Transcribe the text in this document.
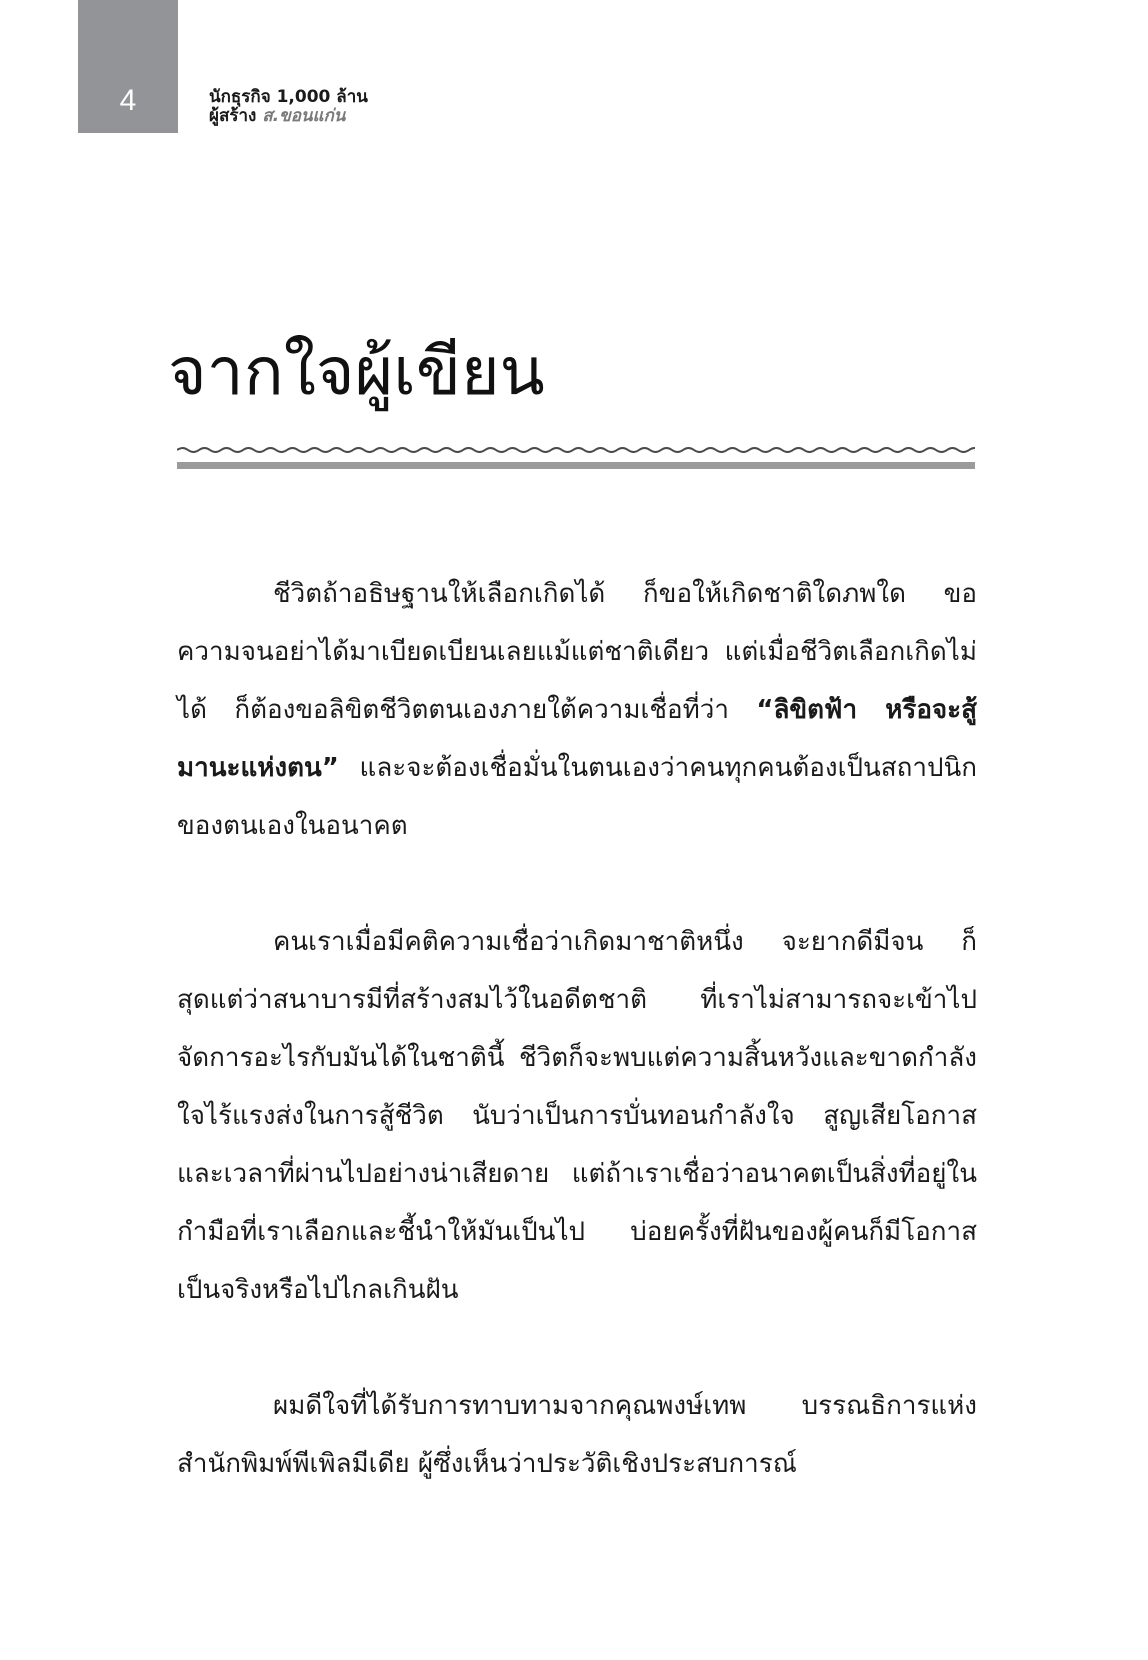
4	นักธุรกิจ 1,000 ล้าน
ผู้สร้าง ส.ขอนแก่น
จากใจผู้เขียน

ชีวิตถ้าอธิษฐานให้เลือกเกิดได้ ก็ขอให้เกิดชาติใดภพใด ขอความจนอย่าได้มาเบียดเบียนเลยแม้แต่ชาติเดียว แต่เมื่อชีวิตเลือกเกิดไม่ได้ ก็ต้องขอลิขิตชีวิตตนเองภายใต้ความเชื่อที่ว่า “ลิขิตฟ้า หรือจะสู้มานะแห่งตน” และจะต้องเชื่อมั่นในตนเองว่าคนทุกคนต้องเป็นสถาปนิกของตนเองในอนาคต

คนเราเมื่อมีคติความเชื่อว่าเกิดมาชาติหนึ่ง จะยากดีมีจน ก็สุดแต่ว่าสนาบารมีที่สร้างสมไว้ในอดีตชาติ ที่เราไม่สามารถจะเข้าไปจัดการอะไรกับมันได้ในชาตินี้ ชีวิตก็จะพบแต่ความสิ้นหวังและขาดกำลังใจไร้แรงส่งในการสู้ชีวิต นับว่าเป็นการบั่นทอนกำลังใจ สูญเสียโอกาสและเวลาที่ผ่านไปอย่างน่าเสียดาย แต่ถ้าเราเชื่อว่าอนาคตเป็นสิ่งที่อยู่ในกำมือที่เราเลือกและชี้นำให้มันเป็นไป บ่อยครั้งที่ฝันของผู้คนก็มีโอกาสเป็นจริงหรือไปไกลเกินฝัน

ผมดีใจที่ได้รับการทาบทามจากคุณพงษ์เทพ บรรณธิการแห่งสำนักพิมพ์พีเพิลมีเดีย ผู้ซึ่งเห็นว่าประวัติเชิงประสบการณ์
